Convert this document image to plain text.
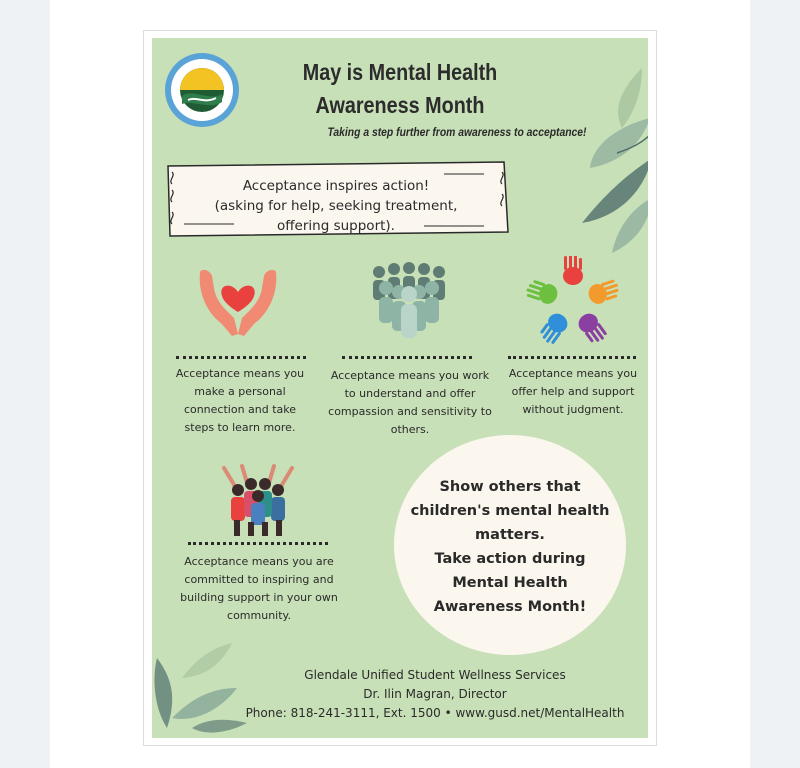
May is Mental Health
Awareness Month
Taking a step further from awareness to acceptance!
Acceptance inspires action!
(asking for help, seeking treatment,
offering support).
Acceptance means you
make a personal
connection and take
steps to learn more.
Acceptance means you work
to understand and offer
compassion and sensitivity to
others.
Acceptance means you
offer help and support
without judgment.
Acceptance means you are
committed to inspiring and
building support in your own
community.
Show others that
children's mental health
matters.
Take action during
Mental Health
Awareness Month!
Glendale Unified Student Wellness Services
Dr. Ilin Magran, Director
Phone: 818-241-3111, Ext. 1500 • www.gusd.net/MentalHealth
